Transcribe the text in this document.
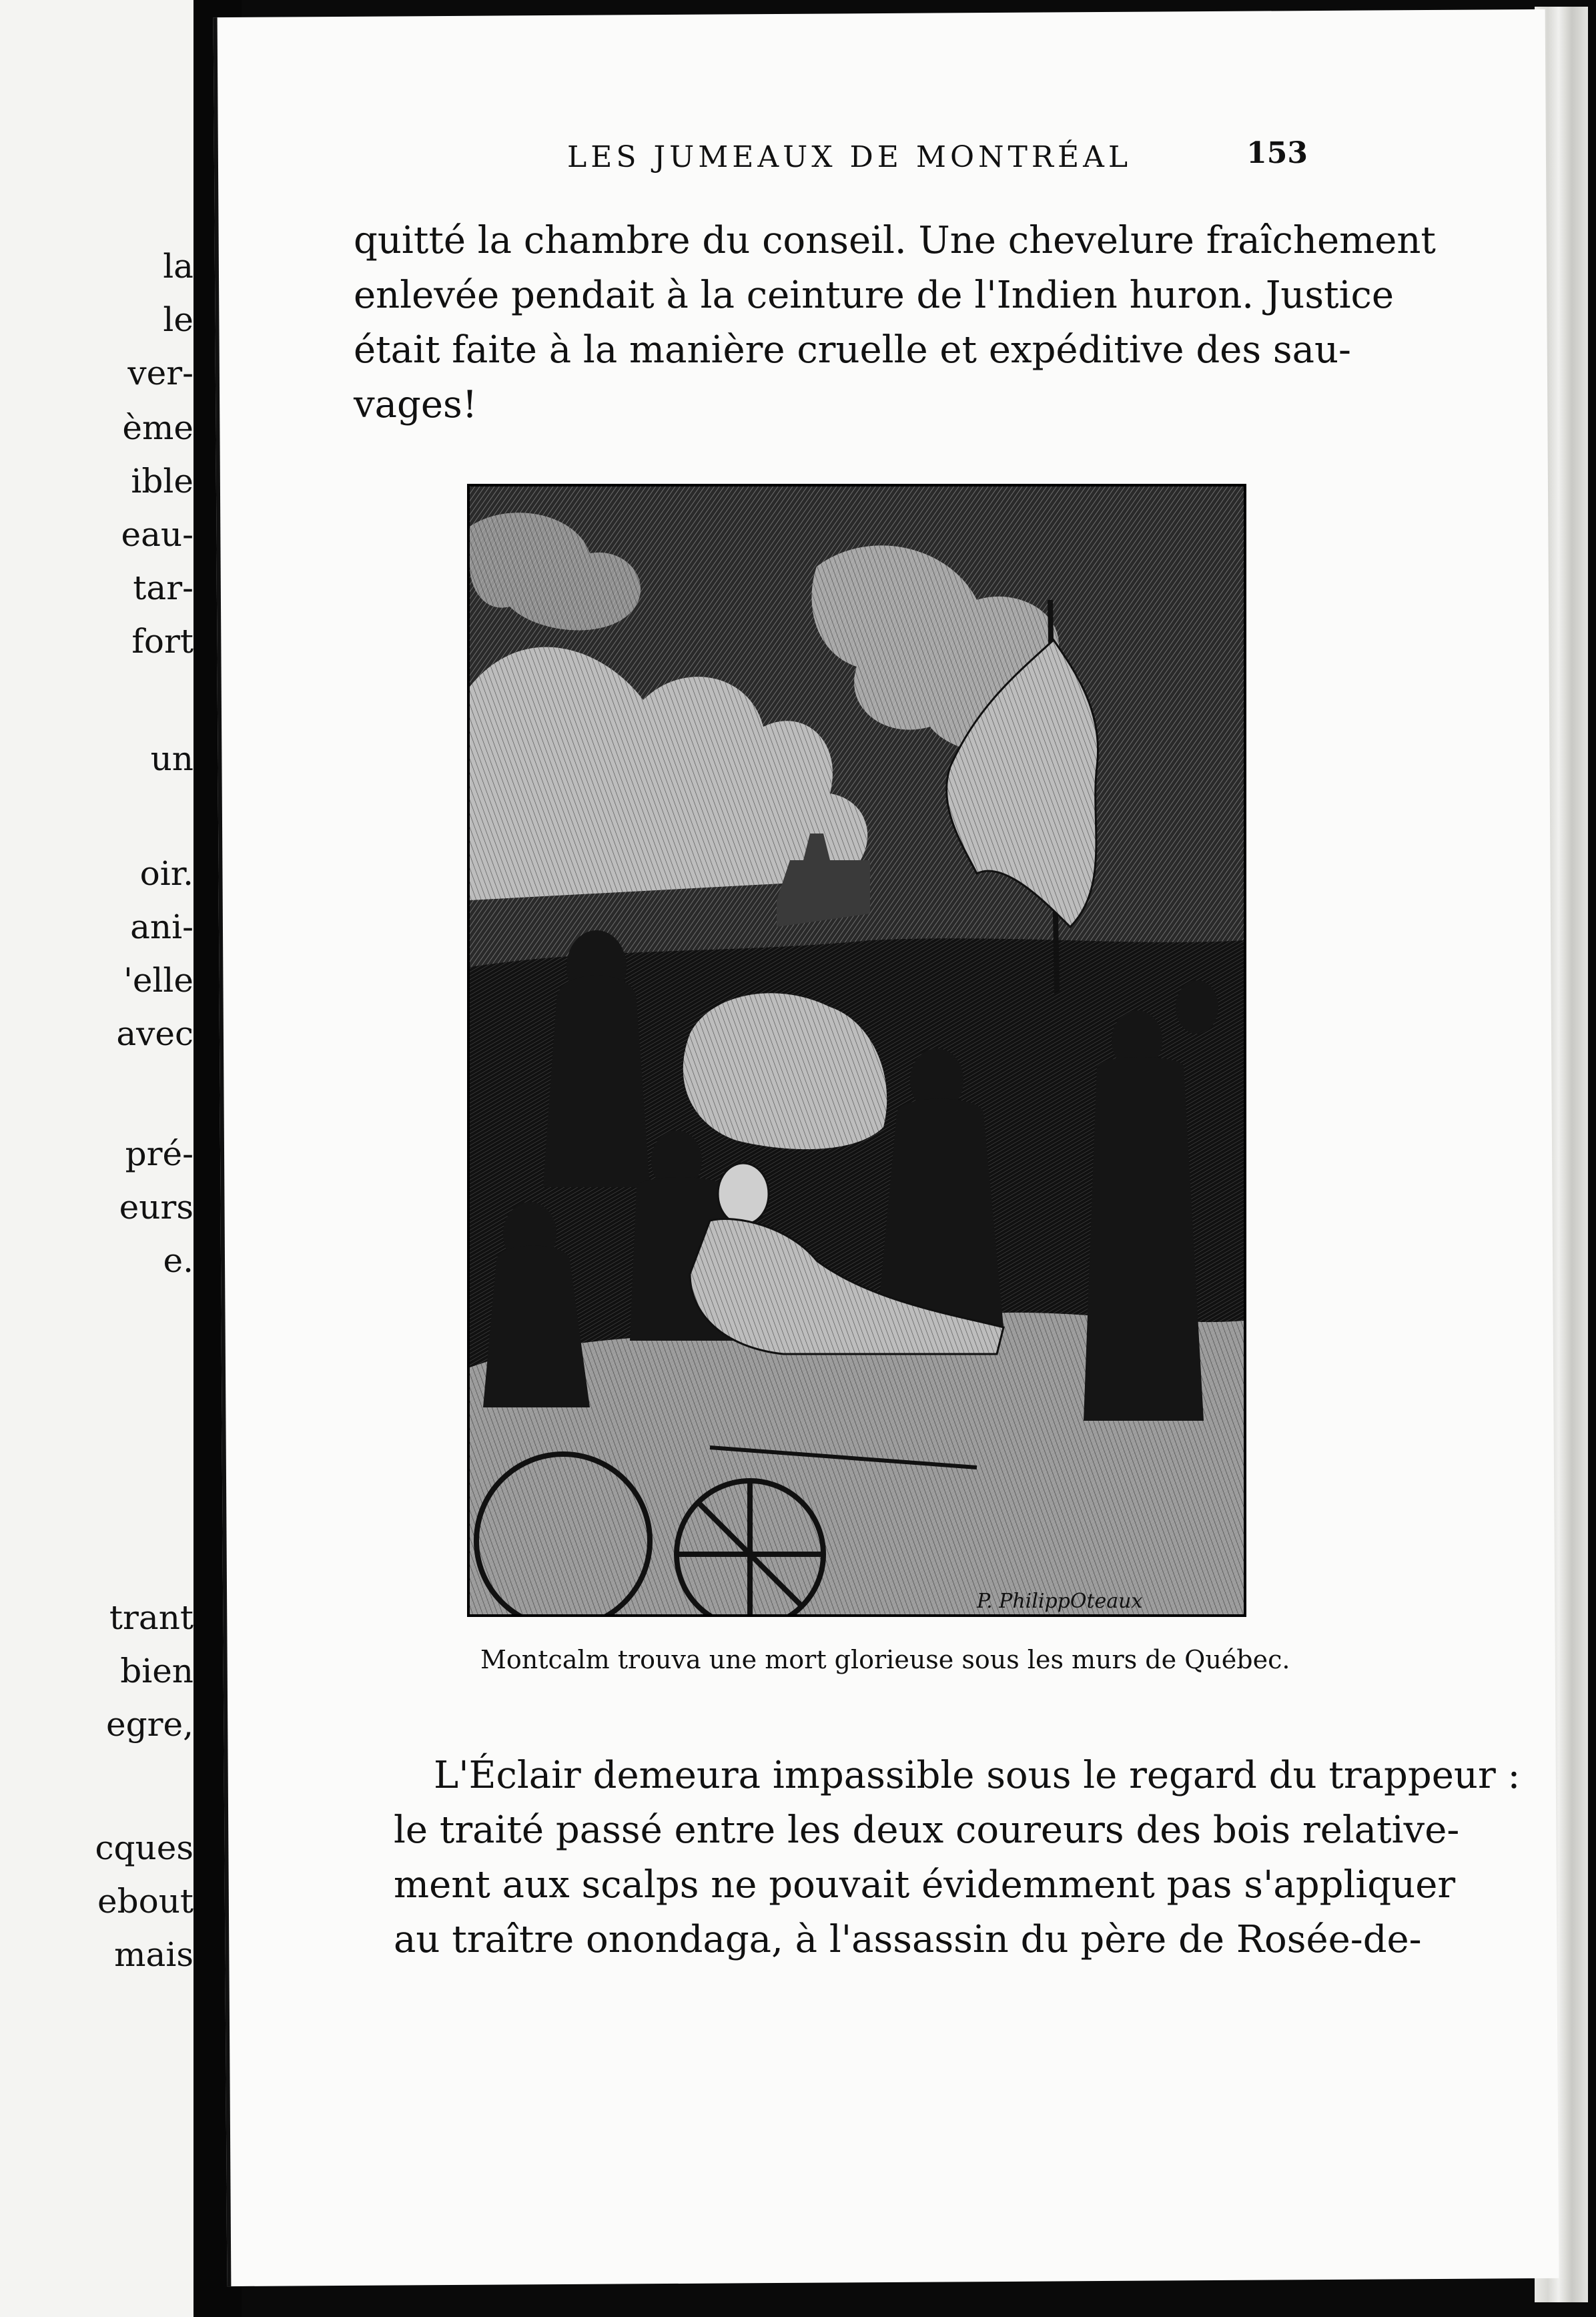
la
le
ver-
ème
ible
eau-
tar-
fort
un
oir.
ani-
'elle
avec
pré-
eurs
e.
trant
bien
egre,
cques
ebout
mais
LES JUMEAUX DE MONTRÉAL	153
quitté la chambre du conseil. Une chevelure fraîchement
enlevée pendait à la ceinture de l'Indien huron. Justice
était faite à la manière cruelle et expéditive des sau-
vages!
P. PhilippOteaux
Montcalm trouva une mort glorieuse sous les murs de Québec.
L'Éclair demeura impassible sous le regard du trappeur :
le traité passé entre les deux coureurs des bois relative-
ment aux scalps ne pouvait évidemment pas s'appliquer
au traître onondaga, à l'assassin du père de Rosée-de-
